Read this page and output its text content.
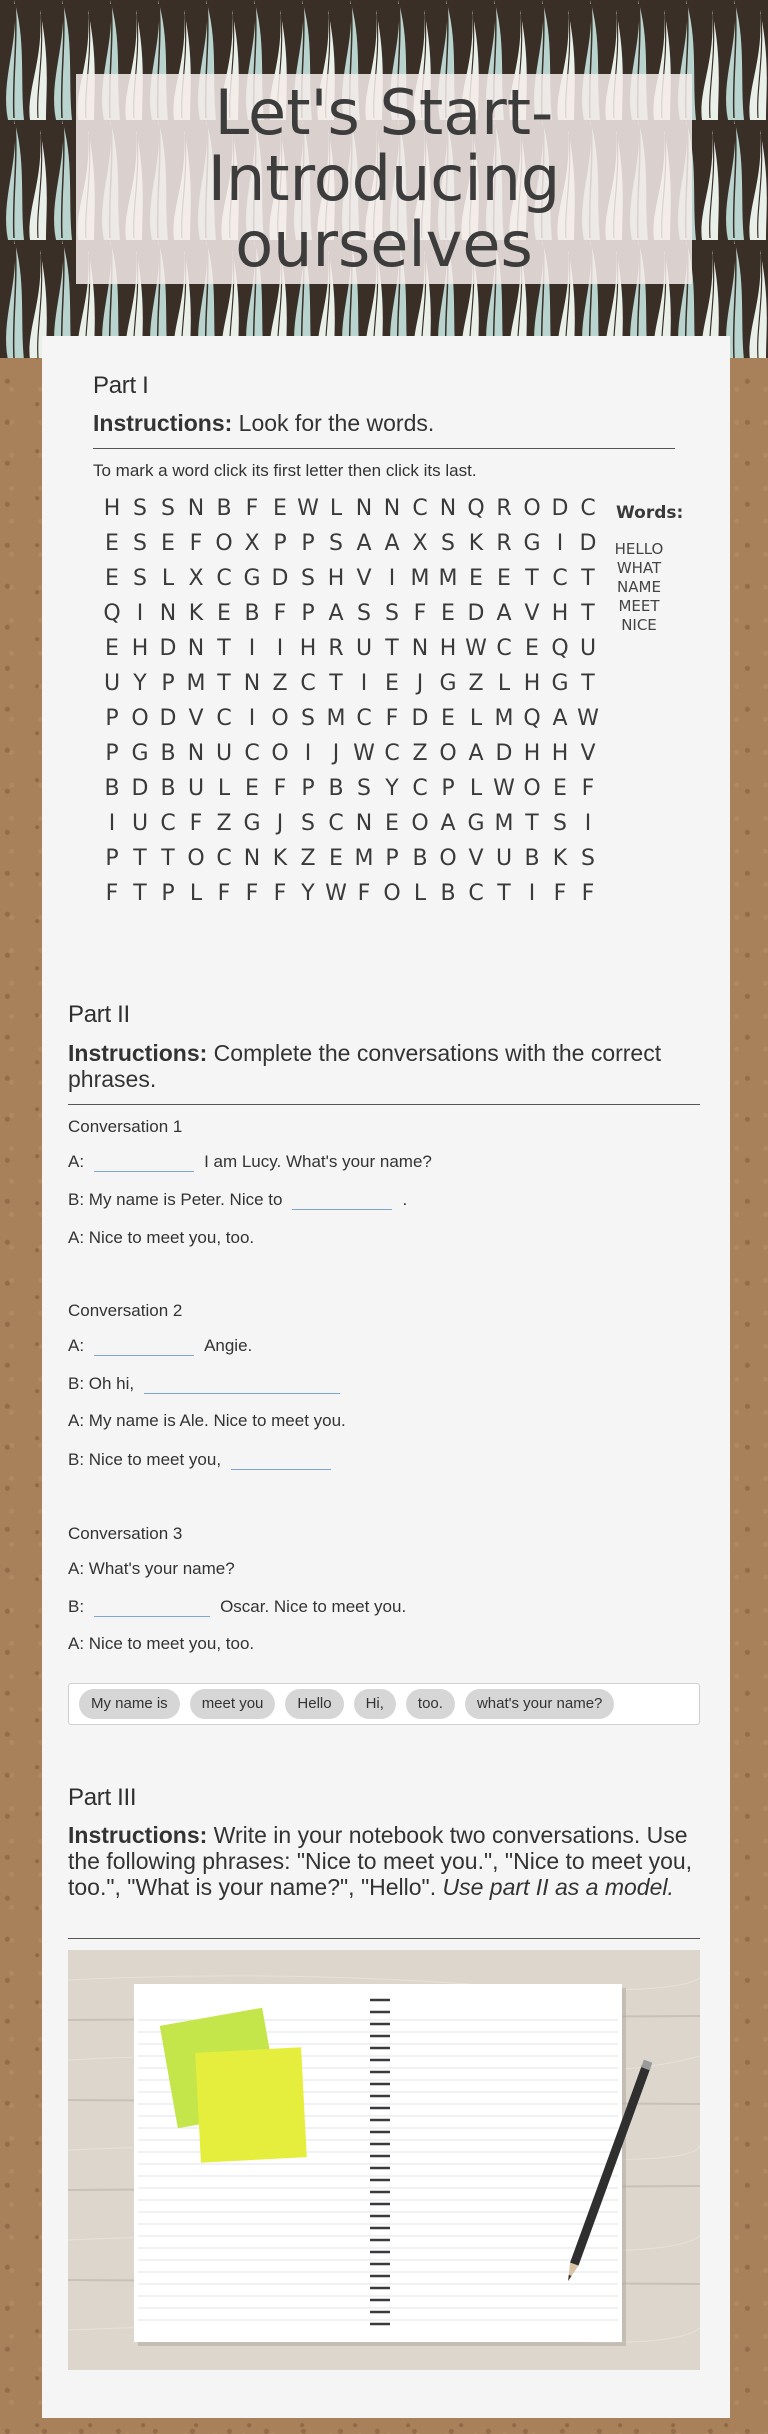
Let's Start- Introducing ourselves
Part I
Instructions: Look for the words.
To mark a word click its first letter then click its last.
H S S N B F E W L N N C N Q R O D C
E S E F O X P P S A A X S K R G I D
E S L X C G D S H V I M M E E T C T
Q I N K E B F P A S S F E D A V H T
E H D N T I I H R U T N H W C E Q U
U Y P M T N Z C T I E J G Z L H G T
P O D V C I O S M C F D E L M Q A W
P G B N U C O I J W C Z O A D H H V
B D B U L E F P B S Y C P L W O E F
I U C F Z G J S C N E O A G M T S I
P T T O C N K Z E M P B O V U B K S
F T P L F F F Y W F O L B C T I F F
Words:
HELLO
WHAT
NAME
MEET
NICE
Part II
Instructions: Complete the conversations with the correct phrases.
Conversation 1
A:	I am Lucy. What's your name?
B: My name is Peter. Nice to	.
A: Nice to meet you, too.
Conversation 2
A:	Angie.
B: Oh hi,
A: My name is Ale. Nice to meet you.
B: Nice to meet you,
Conversation 3
A: What's your name?
B:	Oscar. Nice to meet you.
A: Nice to meet you, too.
My name is	meet you	Hello	Hi,	too.	what's your name?
Part III
Instructions: Write in your notebook two conversations. Use the following phrases: "Nice to meet you.", "Nice to meet you, too.", "What is your name?", "Hello". Use part II as a model.
